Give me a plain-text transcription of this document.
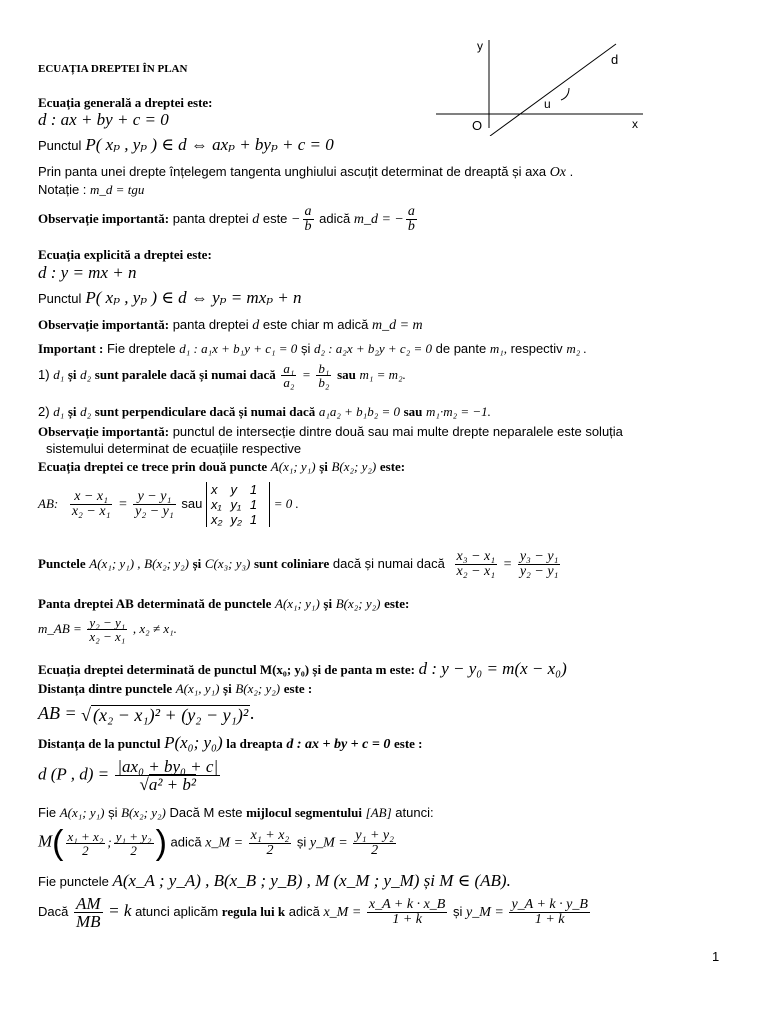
ECUAȚIA DREPTEI ÎN PLAN
y
x
O
d
u
Ecuația generală a dreptei este:
d : ax + by + c = 0
Punctul P( xₚ , yₚ ) ∈ d ⇔ axₚ + byₚ + c = 0
Prin panta unei drepte înțelegem tangenta unghiului ascuțit determinat de dreaptă și axa Ox .
Notație : m_d = tgu
Observație importantă: panta dreptei d este − $\frac{a}{b}$ adică m_d = − $\frac{a}{b}$
Ecuația explicită a dreptei este:
d : y = mx + n
Punctul P( xₚ , yₚ ) ∈ d ⇔ yₚ = mxₚ + n
Observație importantă: panta dreptei d este chiar m adică m_d = m
Important : Fie dreptele d₁ : a₁x + b₁y + c₁ = 0 și d₂ : a₂x + b₂y + c₂ = 0 de pante m₁, respectiv m₂ .
1) d₁ și d₂ sunt paralele dacă și numai dacă $\frac{\text{a₁}}{\text{a₂}} = \frac{\text{b₁}}{\text{b₂}}$ sau m₁ = m₂.
2) d₁ și d₂ sunt perpendiculare dacă și numai dacă a₁a₂ + b₁b₂ = 0 sau m₁·m₂ = −1.
Observație importantă: punctul de intersecție dintre două sau mai multe drepte neparalele este soluția
sistemului determinat de ecuațiile respective
Ecuația dreptei ce trece prin două puncte A(x₁; y₁) și B(x₂; y₂) este:
AB: $\frac{\text{x − x₁}}{\text{x₂ − x₁}} = \frac{\text{y − y₁}}{\text{y₂ − y₁}}$ sau
x	y	1
x₁	y₁	1
x₂	y₂	1
= 0 .
Punctele A(x₁; y₁) , B(x₂; y₂) și C(x₃; y₃) sunt coliniare dacă și numai dacă $\frac{\text{x₃ − x₁}}{\text{x₂ − x₁}} = \frac{\text{y₃ − y₁}}{\text{y₂ − y₁}}$
Panta dreptei AB determinată de punctele A(x₁; y₁) și B(x₂; y₂) este:
m_AB = $\frac{\text{y₂ − y₁}}{\text{x₂ − x₁}}$ , x₂ ≠ x₁.
Ecuația dreptei determinată de punctul M(x₀; y₀) și de panta m este: d : y − y₀ = m(x − x₀)
Distanța dintre punctele A(x₁, y₁) și B(x₂; y₂) este :
AB = √ (x₂ − x₁)² + (y₂ − y₁)² .
Distanța de la punctul P(x₀; y₀) la dreapta d : ax + by + c = 0 este :
d (P , $d) = \frac{\text{|ax₀ + by₀ + c|}}{\text{√a² + b²}}$
Fie A(x₁; y₁) și B(x₂; y₂) Dacă M este mijlocul segmentului [AB] atunci:
$M( \frac{\text{x₁ + x₂}}{2}$ ; $\frac{\text{y₁ + y₂}}{2}$ ) adică x_M = $\frac{\text{x₁ + x₂}}{2}$ și y_M = $\frac{\text{y₁ + y₂}}{2}$
Fie punctele A(x_A ; y_A) , B(x_B ; y_B) , M (x_M ; y_M) și M ∈ (AB).
Dacă $\frac{AM}{MB} = k$ atunci aplicăm regula lui k adică x_M = $\frac{x\_A + k \cdot x\_B}{1 + k}$ și y_M = $\frac{y\_A + k \cdot y\_B}{1 + k}$
1
